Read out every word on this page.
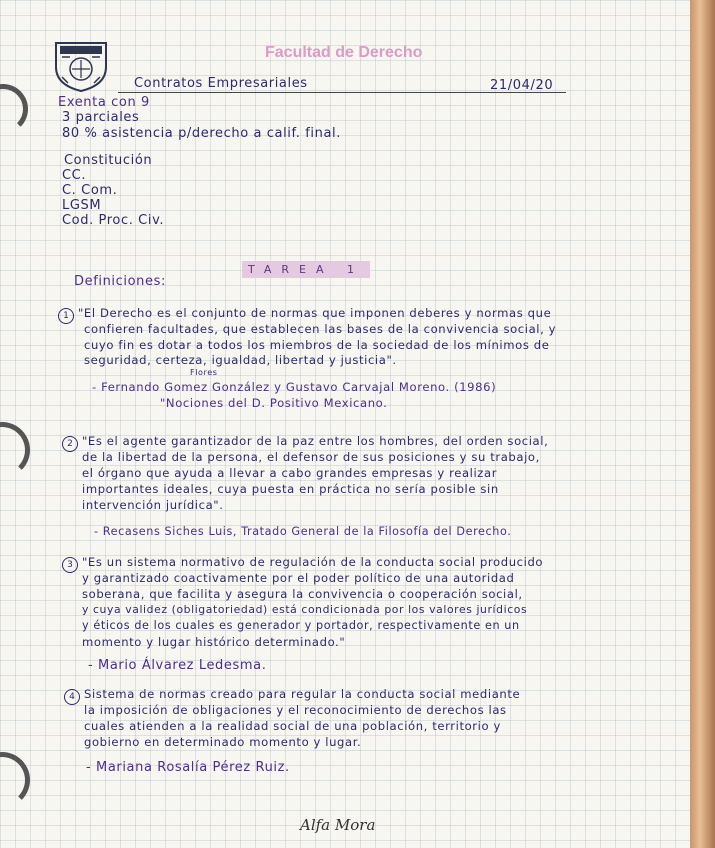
Facultad de Derecho
Contratos Empresariales	21/04/20
Exenta con 9
3 parciales
80 % asistencia p/derecho a calif. final.
Constitución
CC.
C. Com.
LGSM
Cod. Proc. Civ.
TAREA 1
Definiciones:
1 "El Derecho es el conjunto de normas que imponen deberes y normas que
confieren facultades, que establecen las bases de la convivencia social, y
cuyo fin es dotar a todos los miembros de la sociedad de los mínimos de
seguridad, certeza, igualdad, libertad y justicia".
Flores
- Fernando Gomez González y Gustavo Carvajal Moreno. (1986)
"Nociones del D. Positivo Mexicano.
2 "Es el agente garantizador de la paz entre los hombres, del orden social,
de la libertad de la persona, el defensor de sus posiciones y su trabajo,
el órgano que ayuda a llevar a cabo grandes empresas y realizar
importantes ideales, cuya puesta en práctica no sería posible sin
intervención jurídica".
- Recasens Siches Luis, Tratado General de la Filosofía del Derecho.
3 "Es un sistema normativo de regulación de la conducta social producido
y garantizado coactivamente por el poder político de una autoridad
soberana, que facilita y asegura la convivencia o cooperación social,
y cuya validez (obligatoriedad) está condicionada por los valores jurídicos
y éticos de los cuales es generador y portador, respectivamente en un
momento y lugar histórico determinado."
- Mario Álvarez Ledesma.
4 Sistema de normas creado para regular la conducta social mediante
la imposición de obligaciones y el reconocimiento de derechos las
cuales atienden a la realidad social de una población, territorio y
gobierno en determinado momento y lugar.
- Mariana Rosalía Pérez Ruiz.
Alfa Mora
